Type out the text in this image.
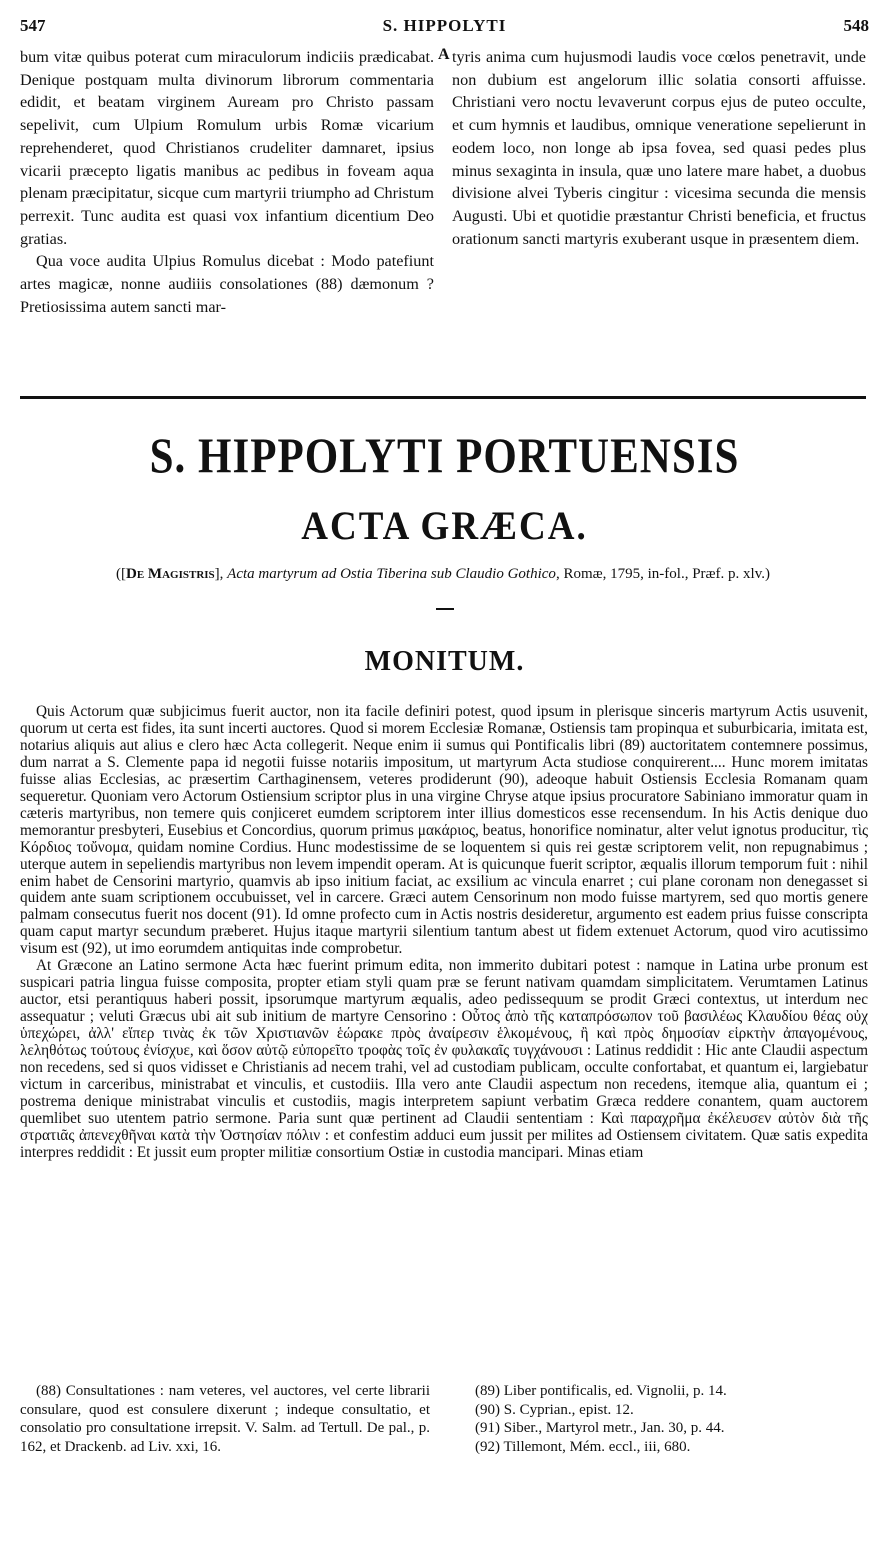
547	S. HIPPOLYTI	548

bum vitæ quibus poterat cum miraculorum indiciis prædicabat. Denique postquam multa divinorum librorum commentaria edidit, et beatam virginem Auream pro Christo passam sepelivit, cum Ulpium Romulum urbis Romæ vicarium reprehenderet, quod Christianos crudeliter damnaret, ipsius vicarii præcepto ligatis manibus ac pedibus in foveam aqua plenam præcipitatur, sicque cum martyrii triumpho ad Christum perrexit. Tunc audita est quasi vox infantium dicentium Deo gratias.

Qua voce audita Ulpius Romulus dicebat : Modo patefiunt artes magicæ, nonne audiiis consolationes (88) dæmonum ? Pretiosissima autem sancti mar-

A tyris anima cum hujusmodi laudis voce cœlos penetravit, unde non dubium est angelorum illic solatia consorti affuisse. Christiani vero noctu levaverunt corpus ejus de puteo occulte, et cum hymnis et laudibus, omnique veneratione sepelierunt in eodem loco, non longe ab ipsa fovea, sed quasi pedes plus minus sexaginta in insula, quæ uno latere mare habet, a duobus divisione alvei Tyberis cingitur : vicesima secunda die mensis Augusti. Ubi et quotidie præstantur Christi beneficia, et fructus orationum sancti martyris exuberant usque in præsentem diem.

S. HIPPOLYTI PORTUENSIS
ACTA GRÆCA.
([De Magistris], Acta martyrum ad Ostia Tiberina sub Claudio Gothico, Romæ, 1795, in-fol., Præf. p. xlv.)
MONITUM.

Quis Actorum quæ subjicimus fuerit auctor, non ita facile definiri potest, quod ipsum in plerisque sinceris martyrum Actis usuvenit, quorum ut certa est fides, ita sunt incerti auctores. Quod si morem Ecclesiæ Romanæ, Ostiensis tam propinqua et suburbicaria, imitata est, notarius aliquis aut alius e clero hæc Acta collegerit. Neque enim ii sumus qui Pontificalis libri (89) auctoritatem contemnere possimus, dum narrat a S. Clemente papa id negotii fuisse notariis impositum, ut martyrum Acta studiose conquirerent.... Hunc morem imitatas fuisse alias Ecclesias, ac præsertim Carthaginensem, veteres prodiderunt (90), adeoque habuit Ostiensis Ecclesia Romanam quam sequeretur. Quoniam vero Actorum Ostiensium scriptor plus in una virgine Chryse atque ipsius procuratore Sabiniano immoratur quam in cæteris martyribus, non temere quis conjiceret eumdem scriptorem inter illius domesticos esse recensendum. In his Actis denique duo memorantur presbyteri, Eusebius et Concordius, quorum primus μακάριος, beatus, honorifice nominatur, alter velut ignotus producitur, τὶς Κόρδιος τοὔνομα, quidam nomine Cordius. Hunc modestissime de se loquentem si quis rei gestæ scriptorem velit, non repugnabimus ; uterque autem in sepeliendis martyribus non levem impendit operam. At is quicunque fuerit scriptor, æqualis illorum temporum fuit : nihil enim habet de Censorini martyrio, quamvis ab ipso initium faciat, ac exsilium ac vincula enarret ; cui plane coronam non denegasset si quidem ante suam scriptionem occubuisset, vel in carcere. Græci autem Censorinum non modo fuisse martyrem, sed quo mortis genere palmam consecutus fuerit nos docent (91). Id omne profecto cum in Actis nostris desideretur, argumento est eadem prius fuisse conscripta quam caput martyr secundum præberet. Hujus itaque martyrii silentium tantum abest ut fidem extenuet Actorum, quod viro acutissimo visum est (92), ut imo eorumdem antiquitas inde comprobetur.

At Græcone an Latino sermone Acta hæc fuerint primum edita, non immerito dubitari potest : namque in Latina urbe pronum est suspicari patria lingua fuisse composita, propter etiam styli quam præ se ferunt nativam quamdam simplicitatem. Verumtamen Latinus auctor, etsi perantiquus haberi possit, ipsorumque martyrum æqualis, adeo pedissequum se prodit Græci contextus, ut interdum nec assequatur ; veluti Græcus ubi ait sub initium de martyre Censorino : Οὗτος ἀπὸ τῆς καταπρόσωπον τοῦ βασιλέως Κλαυδίου θέας οὐχ ὑπεχώρει, ἀλλ' εἴπερ τινὰς ἐκ τῶν Χριστιανῶν ἑώρακε πρὸς ἀναίρεσιν ἑλκομένους, ἢ καὶ πρὸς δημοσίαν εἱρκτὴν ἀπαγομένους, λεληθότως τούτους ἐνίσχυε, καὶ ὅσον αὐτῷ εὐπορεῖτο τροφὰς τοῖς ἐν φυλακαῖς τυγχάνουσι : Latinus reddidit : Hic ante Claudii aspectum non recedens, sed si quos vidisset e Christianis ad necem trahi, vel ad custodiam publicam, occulte confortabat, et quantum ei, largiebatur victum in carceribus, ministrabat et vinculis, et custodiis. Illa vero ante Claudii aspectum non recedens, itemque alia, quantum ei ; postrema denique ministrabat vinculis et custodiis, magis interpretem sapiunt verbatim Græca reddere conantem, quam auctorem quemlibet suo utentem patrio sermone. Paria sunt quæ pertinent ad Claudii sententiam : Καὶ παραχρῆμα ἐκέλευσεν αὐτὸν διὰ τῆς στρατιᾶς ἀπενεχθῆναι κατὰ τὴν Ὀστησίαν πόλιν : et confestim adduci eum jussit per milites ad Ostiensem civitatem. Quæ satis expedita interpres reddidit : Et jussit eum propter militiæ consortium Ostiæ in custodia mancipari. Minas etiam

(88) Consultationes : nam veteres, vel auctores, vel certe librarii consulare, quod est consulere dixerunt ; indeque consultatio, et consolatio pro consultatione irrepsit. V. Salm. ad Tertull. De pal., p. 162, et Drackenb. ad Liv. xxi, 16.

(89) Liber pontificalis, ed. Vignolii, p. 14.
(90) S. Cyprian., epist. 12.
(91) Siber., Martyrol metr., Jan. 30, p. 44.
(92) Tillemont, Mém. eccl., iii, 680.
